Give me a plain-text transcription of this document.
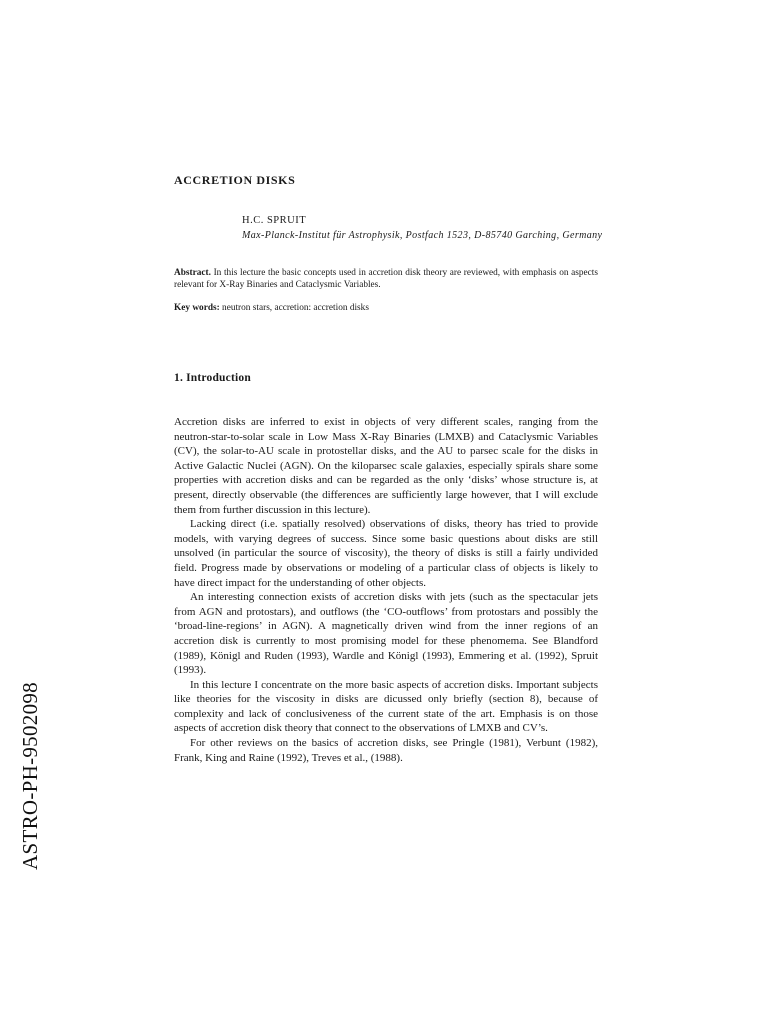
ASTRO-PH-9502098
ACCRETION DISKS
H.C. SPRUIT
Max-Planck-Institut für Astrophysik, Postfach 1523, D-85740 Garching, Germany
Abstract. In this lecture the basic concepts used in accretion disk theory are reviewed, with emphasis on aspects relevant for X-Ray Binaries and Cataclysmic Variables.
Key words: neutron stars, accretion: accretion disks
1. Introduction

Accretion disks are inferred to exist in objects of very different scales, ranging from the neutron-star-to-solar scale in Low Mass X-Ray Binaries (LMXB) and Cataclysmic Variables (CV), the solar-to-AU scale in protostellar disks, and the AU to parsec scale for the disks in Active Galactic Nuclei (AGN). On the kiloparsec scale galaxies, especially spirals share some properties with accretion disks and can be regarded as the only ‘disks’ whose structure is, at present, directly observable (the differences are sufficiently large however, that I will exclude them from further discussion in this lecture).

Lacking direct (i.e. spatially resolved) observations of disks, theory has tried to provide models, with varying degrees of success. Since some basic questions about disks are still unsolved (in particular the source of viscosity), the theory of disks is still a fairly undivided field. Progress made by observations or modeling of a particular class of objects is likely to have direct impact for the understanding of other objects.

An interesting connection exists of accretion disks with jets (such as the spectacular jets from AGN and protostars), and outflows (the ‘CO-outflows’ from protostars and possibly the ‘broad-line-regions’ in AGN). A magnetically driven wind from the inner regions of an accretion disk is currently to most promising model for these phenomema. See Blandford (1989), Königl and Ruden (1993), Wardle and Königl (1993), Emmering et al. (1992), Spruit (1993).

In this lecture I concentrate on the more basic aspects of accretion disks. Important subjects like theories for the viscosity in disks are dicussed only briefly (section 8), because of complexity and lack of conclusiveness of the current state of the art. Emphasis is on those aspects of accretion disk theory that connect to the observations of LMXB and CV’s.

For other reviews on the basics of accretion disks, see Pringle (1981), Verbunt (1982), Frank, King and Raine (1992), Treves et al., (1988).
